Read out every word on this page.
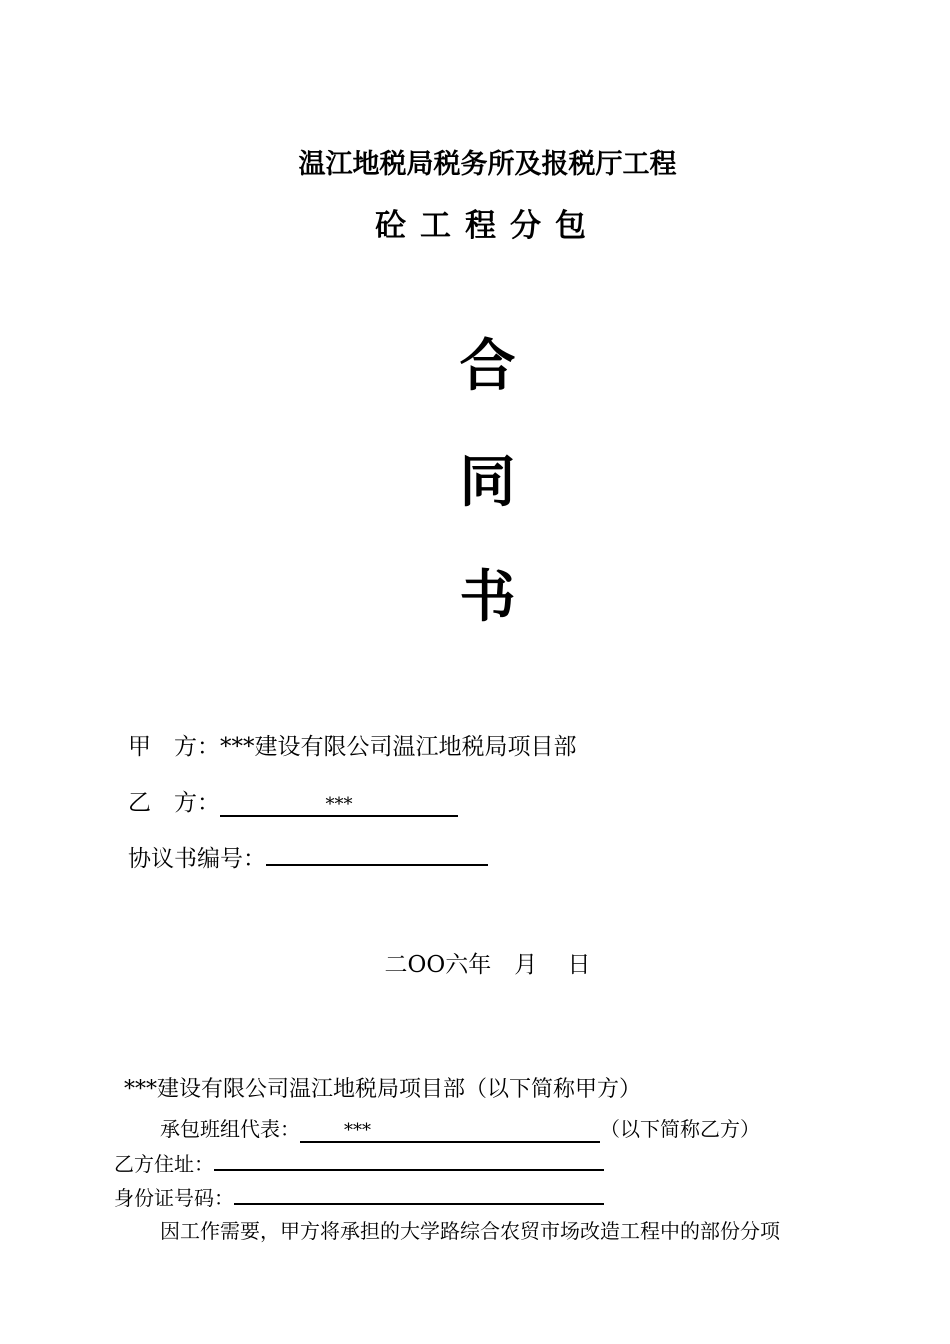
温江地税局税务所及报税厅工程
砼工程分包
合
同
书
甲　方：***建设有限公司温江地税局项目部
乙　方：	***
协议书编号：
二OO六年　月　 日
***建设有限公司温江地税局项目部（以下简称甲方）
承包班组代表： ***	（以下简称乙方）
乙方住址：
身份证号码：
因工作需要，甲方将承担的大学路综合农贸市场改造工程中的部份分项
